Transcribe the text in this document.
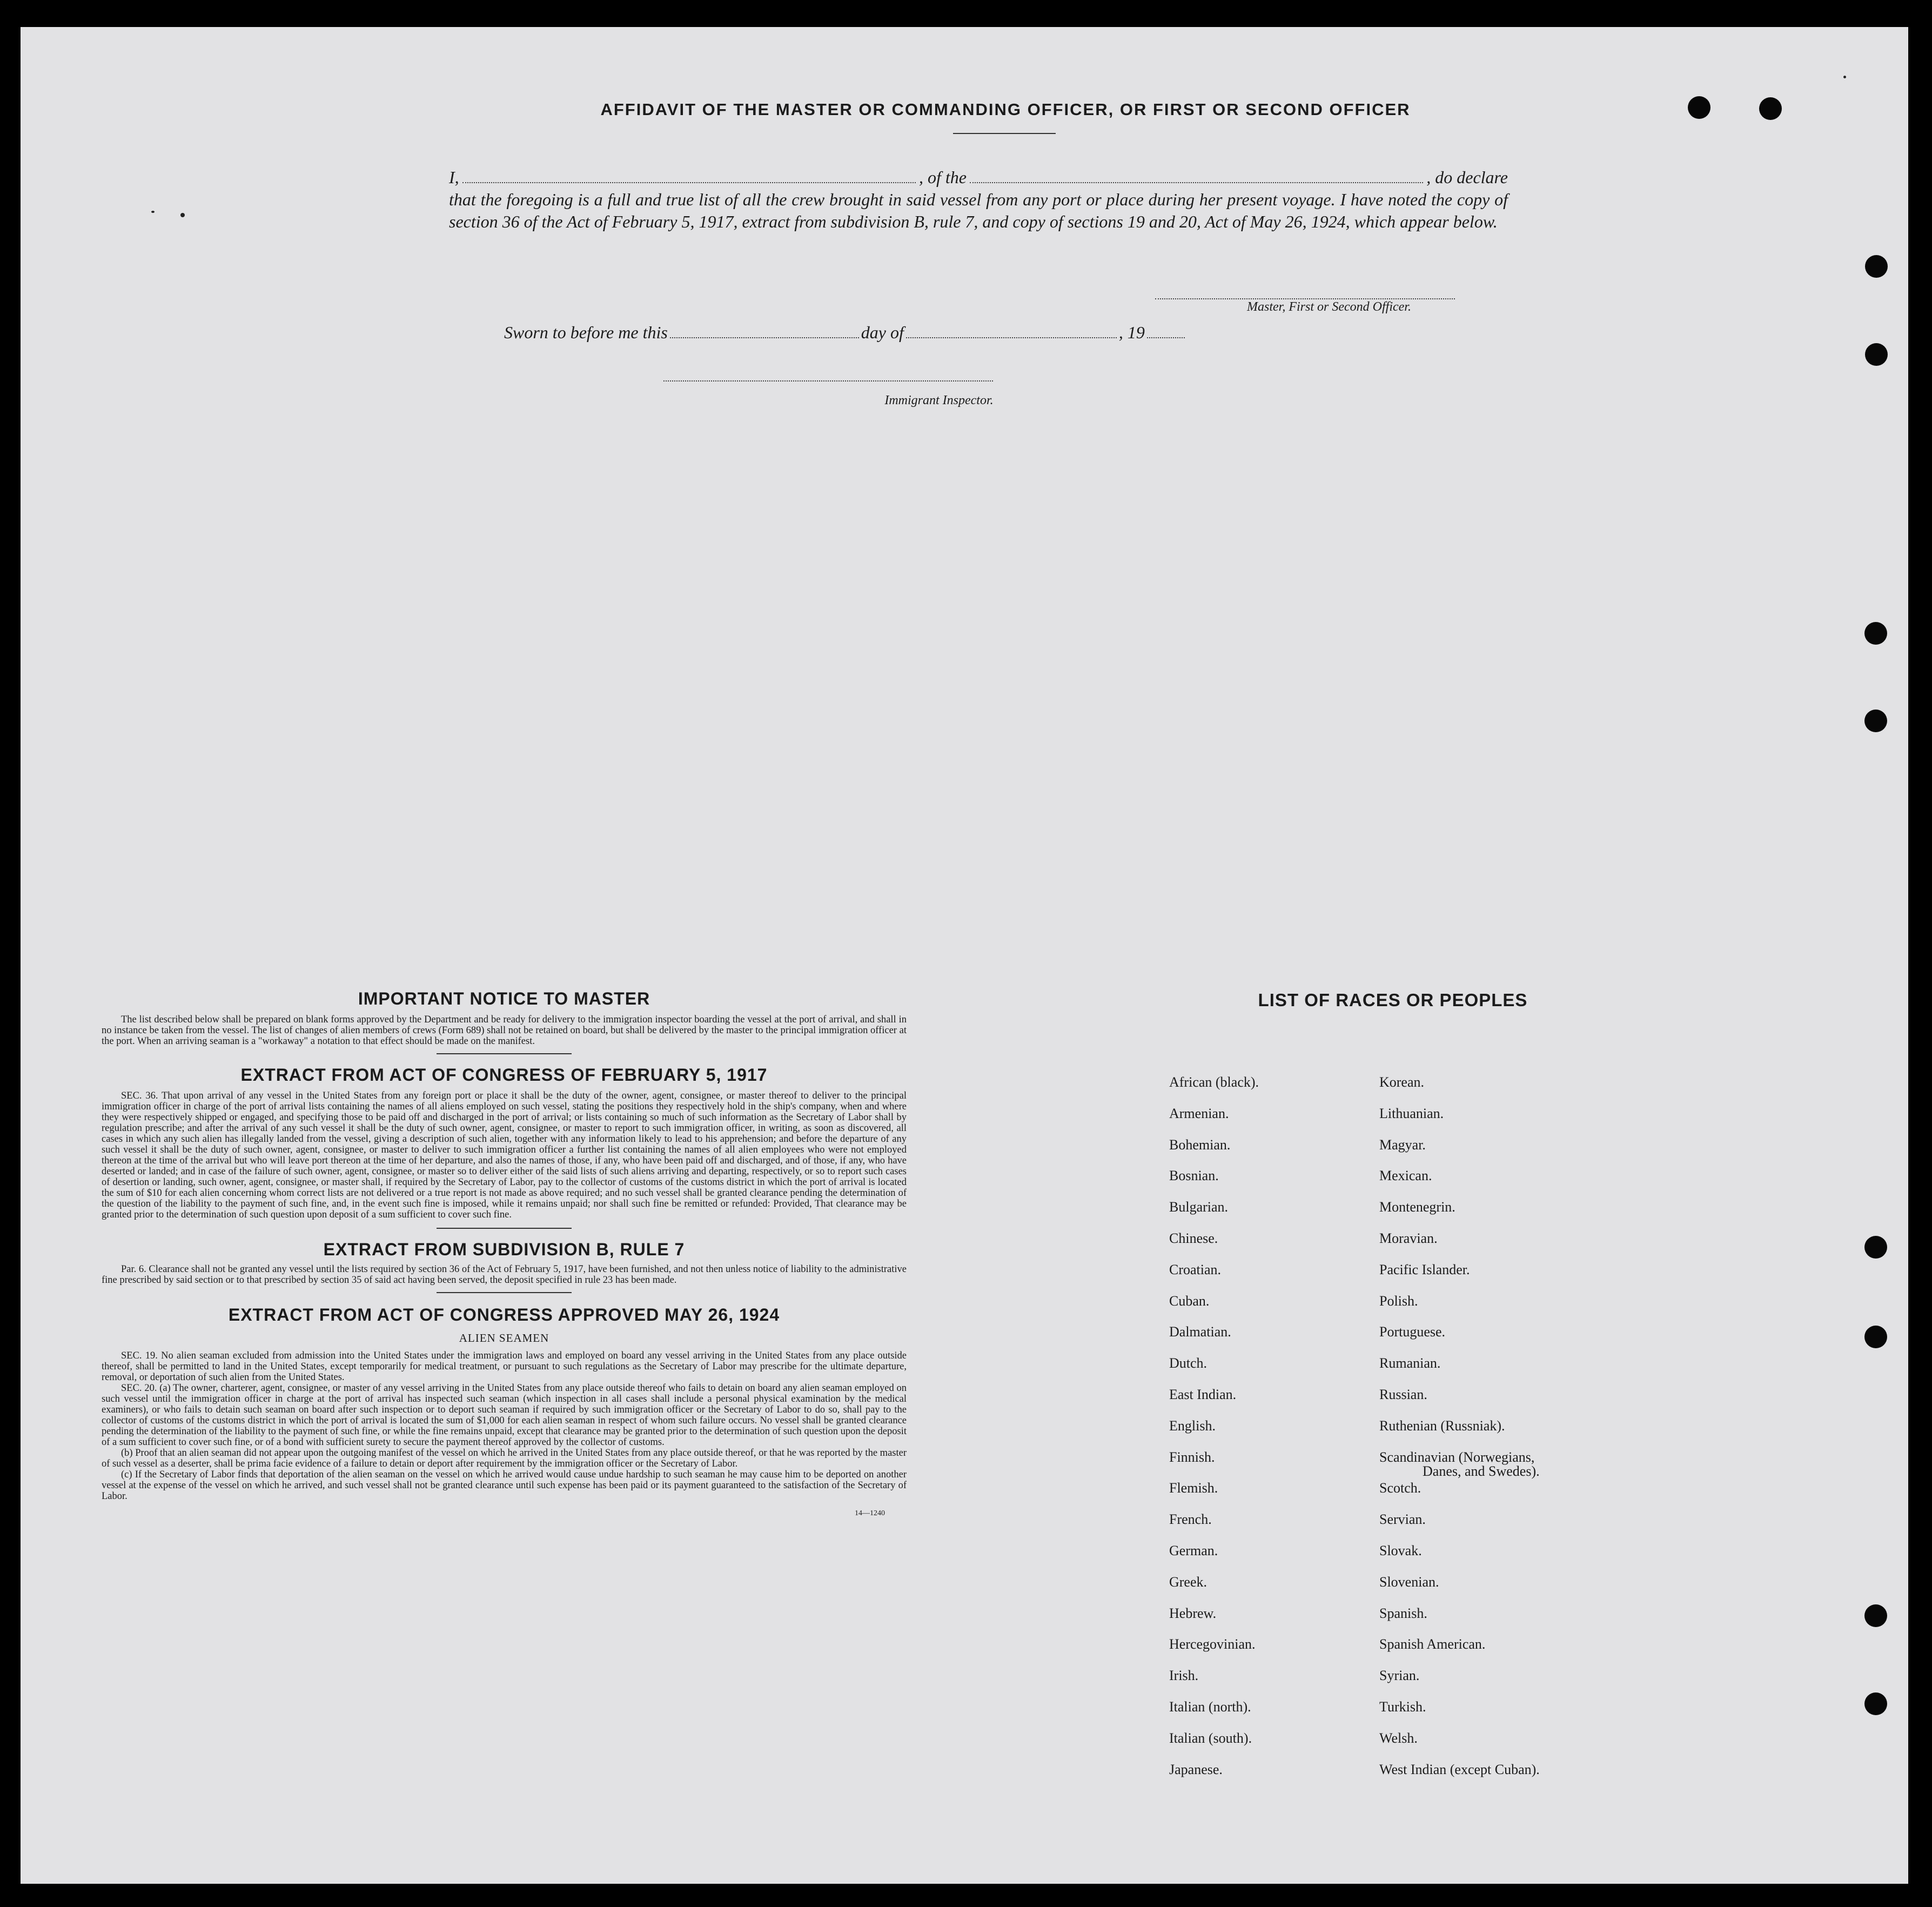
AFFIDAVIT OF THE MASTER OR COMMANDING OFFICER, OR FIRST OR SECOND OFFICER
I,	, of the	, do declare
that the foregoing is a full and true list of all the crew brought in said vessel from any port or place during her present voyage. I have noted the copy of section 36 of the Act of February 5, 1917, extract from subdivision B, rule 7, and copy of sections 19 and 20, Act of May 26, 1924, which appear below.
Master, First or Second Officer.
Sworn to before me this	day of	, 19
Immigrant Inspector.
IMPORTANT NOTICE TO MASTER

The list described below shall be prepared on blank forms approved by the Department and be ready for delivery to the immigration inspector boarding the vessel at the port of arrival, and shall in no instance be taken from the vessel. The list of changes of alien members of crews (Form 689) shall not be retained on board, but shall be delivered by the master to the principal immigration officer at the port. When an arriving seaman is a "workaway" a notation to that effect should be made on the manifest.

EXTRACT FROM ACT OF CONGRESS OF FEBRUARY 5, 1917

SEC. 36. That upon arrival of any vessel in the United States from any foreign port or place it shall be the duty of the owner, agent, consignee, or master thereof to deliver to the principal immigration officer in charge of the port of arrival lists containing the names of all aliens employed on such vessel, stating the positions they respectively hold in the ship's company, when and where they were respectively shipped or engaged, and specifying those to be paid off and discharged in the port of arrival; or lists containing so much of such information as the Secretary of Labor shall by regulation prescribe; and after the arrival of any such vessel it shall be the duty of such owner, agent, consignee, or master to report to such immigration officer, in writing, as soon as discovered, all cases in which any such alien has illegally landed from the vessel, giving a description of such alien, together with any information likely to lead to his apprehension; and before the departure of any such vessel it shall be the duty of such owner, agent, consignee, or master to deliver to such immigration officer a further list containing the names of all alien employees who were not employed thereon at the time of the arrival but who will leave port thereon at the time of her departure, and also the names of those, if any, who have been paid off and discharged, and of those, if any, who have deserted or landed; and in case of the failure of such owner, agent, consignee, or master so to deliver either of the said lists of such aliens arriving and departing, respectively, or so to report such cases of desertion or landing, such owner, agent, consignee, or master shall, if required by the Secretary of Labor, pay to the collector of customs of the customs district in which the port of arrival is located the sum of $10 for each alien concerning whom correct lists are not delivered or a true report is not made as above required; and no such vessel shall be granted clearance pending the determination of the question of the liability to the payment of such fine, and, in the event such fine is imposed, while it remains unpaid; nor shall such fine be remitted or refunded: Provided, That clearance may be granted prior to the determination of such question upon deposit of a sum sufficient to cover such fine.

EXTRACT FROM SUBDIVISION B, RULE 7

Par. 6. Clearance shall not be granted any vessel until the lists required by section 36 of the Act of February 5, 1917, have been furnished, and not then unless notice of liability to the administrative fine prescribed by said section or to that prescribed by section 35 of said act having been served, the deposit specified in rule 23 has been made.

EXTRACT FROM ACT OF CONGRESS APPROVED MAY 26, 1924
ALIEN SEAMEN

SEC. 19. No alien seaman excluded from admission into the United States under the immigration laws and employed on board any vessel arriving in the United States from any place outside thereof, shall be permitted to land in the United States, except temporarily for medical treatment, or pursuant to such regulations as the Secretary of Labor may prescribe for the ultimate departure, removal, or deportation of such alien from the United States.

SEC. 20. (a) The owner, charterer, agent, consignee, or master of any vessel arriving in the United States from any place outside thereof who fails to detain on board any alien seaman employed on such vessel until the immigration officer in charge at the port of arrival has inspected such seaman (which inspection in all cases shall include a personal physical examination by the medical examiners), or who fails to detain such seaman on board after such inspection or to deport such seaman if required by such immigration officer or the Secretary of Labor to do so, shall pay to the collector of customs of the customs district in which the port of arrival is located the sum of $1,000 for each alien seaman in respect of whom such failure occurs. No vessel shall be granted clearance pending the determination of the liability to the payment of such fine, or while the fine remains unpaid, except that clearance may be granted prior to the determination of such question upon the deposit of a sum sufficient to cover such fine, or of a bond with sufficient surety to secure the payment thereof approved by the collector of customs.

(b) Proof that an alien seaman did not appear upon the outgoing manifest of the vessel on which he arrived in the United States from any place outside thereof, or that he was reported by the master of such vessel as a deserter, shall be prima facie evidence of a failure to detain or deport after requirement by the immigration officer or the Secretary of Labor.

(c) If the Secretary of Labor finds that deportation of the alien seaman on the vessel on which he arrived would cause undue hardship to such seaman he may cause him to be deported on another vessel at the expense of the vessel on which he arrived, and such vessel shall not be granted clearance until such expense has been paid or its payment guaranteed to the satisfaction of the Secretary of Labor.

14—1240
LIST OF RACES OR PEOPLES
African (black).
Armenian.
Bohemian.
Bosnian.
Bulgarian.
Chinese.
Croatian.
Cuban.
Dalmatian.
Dutch.
East Indian.
English.
Finnish.
Flemish.
French.
German.
Greek.
Hebrew.
Hercegovinian.
Irish.
Italian (north).
Italian (south).
Japanese.
Korean.
Lithuanian.
Magyar.
Mexican.
Montenegrin.
Moravian.
Pacific Islander.
Polish.
Portuguese.
Rumanian.
Russian.
Ruthenian (Russniak).
Scandinavian (Norwegians,
Danes, and Swedes).
Scotch.
Servian.
Slovak.
Slovenian.
Spanish.
Spanish American.
Syrian.
Turkish.
Welsh.
West Indian (except Cuban).
